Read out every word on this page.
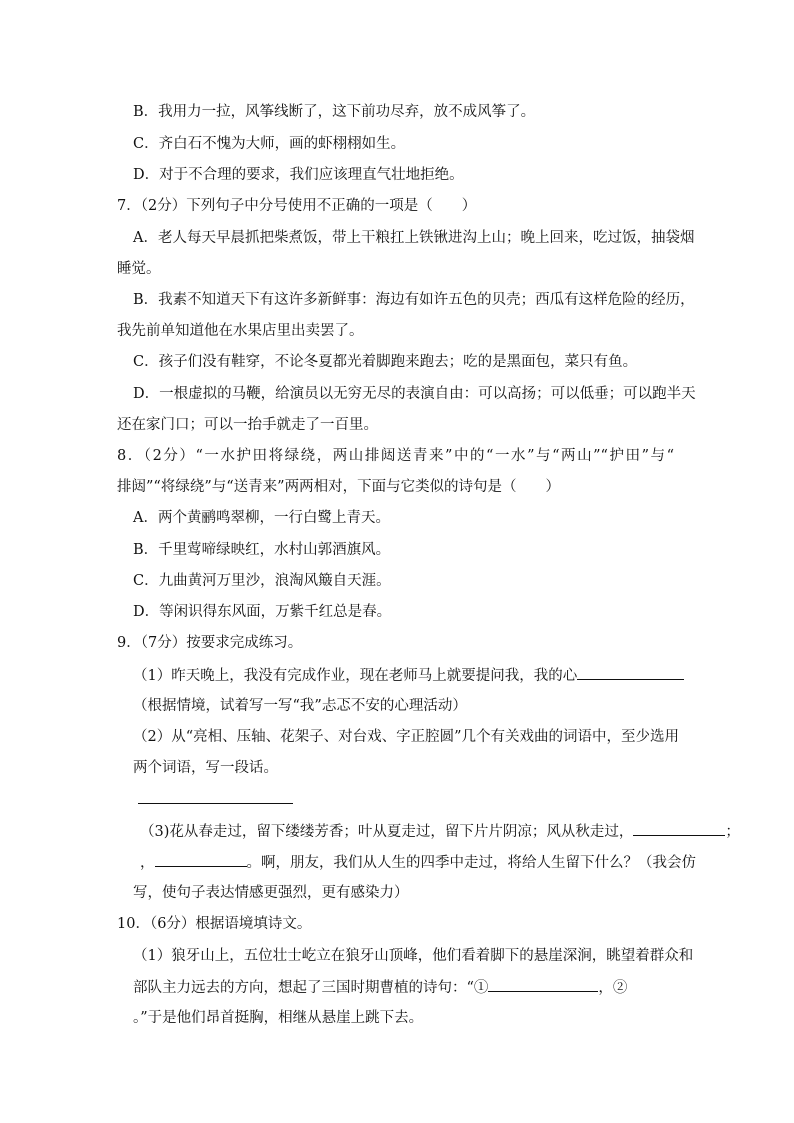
B．我用力一拉，风筝线断了，这下前功尽弃，放不成风筝了。
C．齐白石不愧为大师，画的虾栩栩如生。
D．对于不合理的要求，我们应该理直气壮地拒绝。
7．（2分）下列句子中分号使用不正确的一项是（　　）
A．老人每天早晨抓把柴煮饭，带上干粮扛上铁锹进沟上山；晚上回来，吃过饭，抽袋烟
睡觉。
B．我素不知道天下有这许多新鲜事：海边有如许五色的贝壳；西瓜有这样危险的经历，
我先前单知道他在水果店里出卖罢了。
C．孩子们没有鞋穿，不论冬夏都光着脚跑来跑去；吃的是黑面包，菜只有鱼。
D．一根虚拟的马鞭，给演员以无穷无尽的表演自由：可以高扬；可以低垂；可以跑半天
还在家门口；可以一抬手就走了一百里。
8．（2分）“一水护田将绿绕，两山排闼送青来”中的“一水”与“两山”“护田”与“
排闼”“将绿绕”与“送青来”两两相对，下面与它类似的诗句是（　　）
A．两个黄鹂鸣翠柳，一行白鹭上青天。
B．千里莺啼绿映红，水村山郭酒旗风。
C．九曲黄河万里沙，浪淘风簸自天涯。
D．等闲识得东风面，万紫千红总是春。
9．（7分）按要求完成练习。
（1）昨天晚上，我没有完成作业，现在老师马上就要提问我，我的心
（根据情境，试着写一写“我”忐忑不安的心理活动）
（2）从“亮相、压轴、花架子、对台戏、字正腔圆”几个有关戏曲的词语中，至少选用
两个词语，写一段话。
（3)花从春走过，留下缕缕芳香；叶从夏走过，留下片片阴凉；风从秋走过，	；
，	。啊，朋友，我们从人生的四季中走过，将给人生留下什么？（我会仿
写，使句子表达情感更强烈，更有感染力）
10．（6分）根据语境填诗文。
（1）狼牙山上，五位壮士屹立在狼牙山顶峰，他们看着脚下的悬崖深涧，眺望着群众和
部队主力远去的方向，想起了三国时期曹植的诗句：“①	，②
。”于是他们昂首挺胸，相继从悬崖上跳下去。
